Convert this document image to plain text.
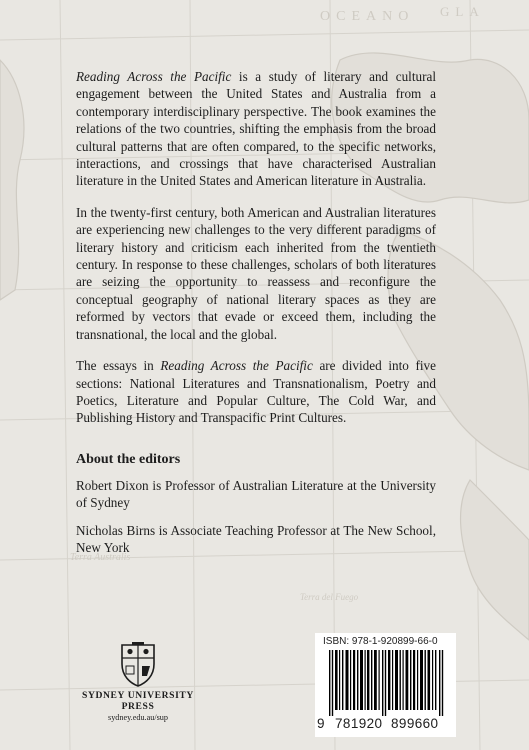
OCEANO GLA
Terra Australis
Terra del Fuego

Reading Across the Pacific is a study of literary and cultural engagement between the United States and Australia from a contemporary interdisciplinary perspective. The book examines the relations of the two countries, shifting the emphasis from the broad cultural patterns that are often compared, to the specific networks, interactions, and crossings that have characterised Australian literature in the United States and American literature in Australia.

In the twenty-first century, both American and Australian literatures are experiencing new challenges to the very different paradigms of literary history and criticism each inherited from the twentieth century. In response to these challenges, scholars of both literatures are seizing the opportunity to reassess and reconfigure the conceptual geography of national literary spaces as they are reformed by vectors that evade or exceed them, including the transnational, the local and the global.

The essays in Reading Across the Pacific are divided into five sections: National Literatures and Transnationalism, Poetry and Poetics, Literature and Popular Culture, The Cold War, and Publishing History and Transpacific Print Cultures.

About the editors

Robert Dixon is Professor of Australian Literature at the University of Sydney

Nicholas Birns is Associate Teaching Professor at The New School, New York

SYDNEY UNIVERSITY PRESS
sydney.edu.au/sup
ISBN: 978-1-920899-66-0
9 781920 899660
